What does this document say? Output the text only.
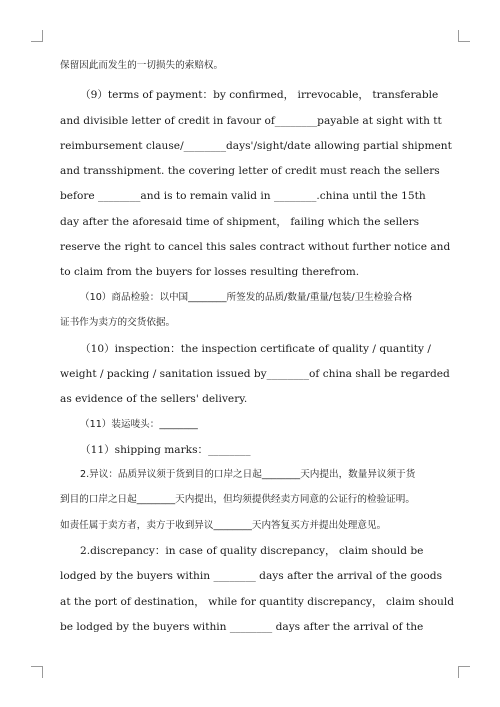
保留因此而发生的一切损失的索赔权。
（9）terms of payment：by confirmed， irrevocable， transferable
and divisible letter of credit in favour of________payable at sight with tt
reimbursement clause/________days'/sight/date allowing partial shipment
and transshipment. the covering letter of credit must reach the sellers
before ________and is to remain valid in ________.china until the 15th
day after the aforesaid time of shipment， failing which the sellers
reserve the right to cancel this sales contract without further notice and
to claim from the buyers for losses resulting therefrom.
（10）商品检验：以中国________所签发的品质/数量/重量/包装/卫生检验合格
证书作为卖方的交货依据。
（10）inspection：the inspection certificate of quality / quantity /
weight / packing / sanitation issued by________of china shall be regarded
as evidence of the sellers' delivery.
（11）装运唛头：________
（11）shipping marks：________
2.异议：品质异议须于货到目的口岸之日起________天内提出，数量异议须于货
到目的口岸之日起________天内提出，但均须提供经卖方同意的公证行的检验证明。
如责任属于卖方者，卖方于收到异议________天内答复买方并提出处理意见。
2.discrepancy：in case of quality discrepancy， claim should be
lodged by the buyers within ________ days after the arrival of the goods
at the port of destination， while for quantity discrepancy， claim should
be lodged by the buyers within ________ days after the arrival of the
